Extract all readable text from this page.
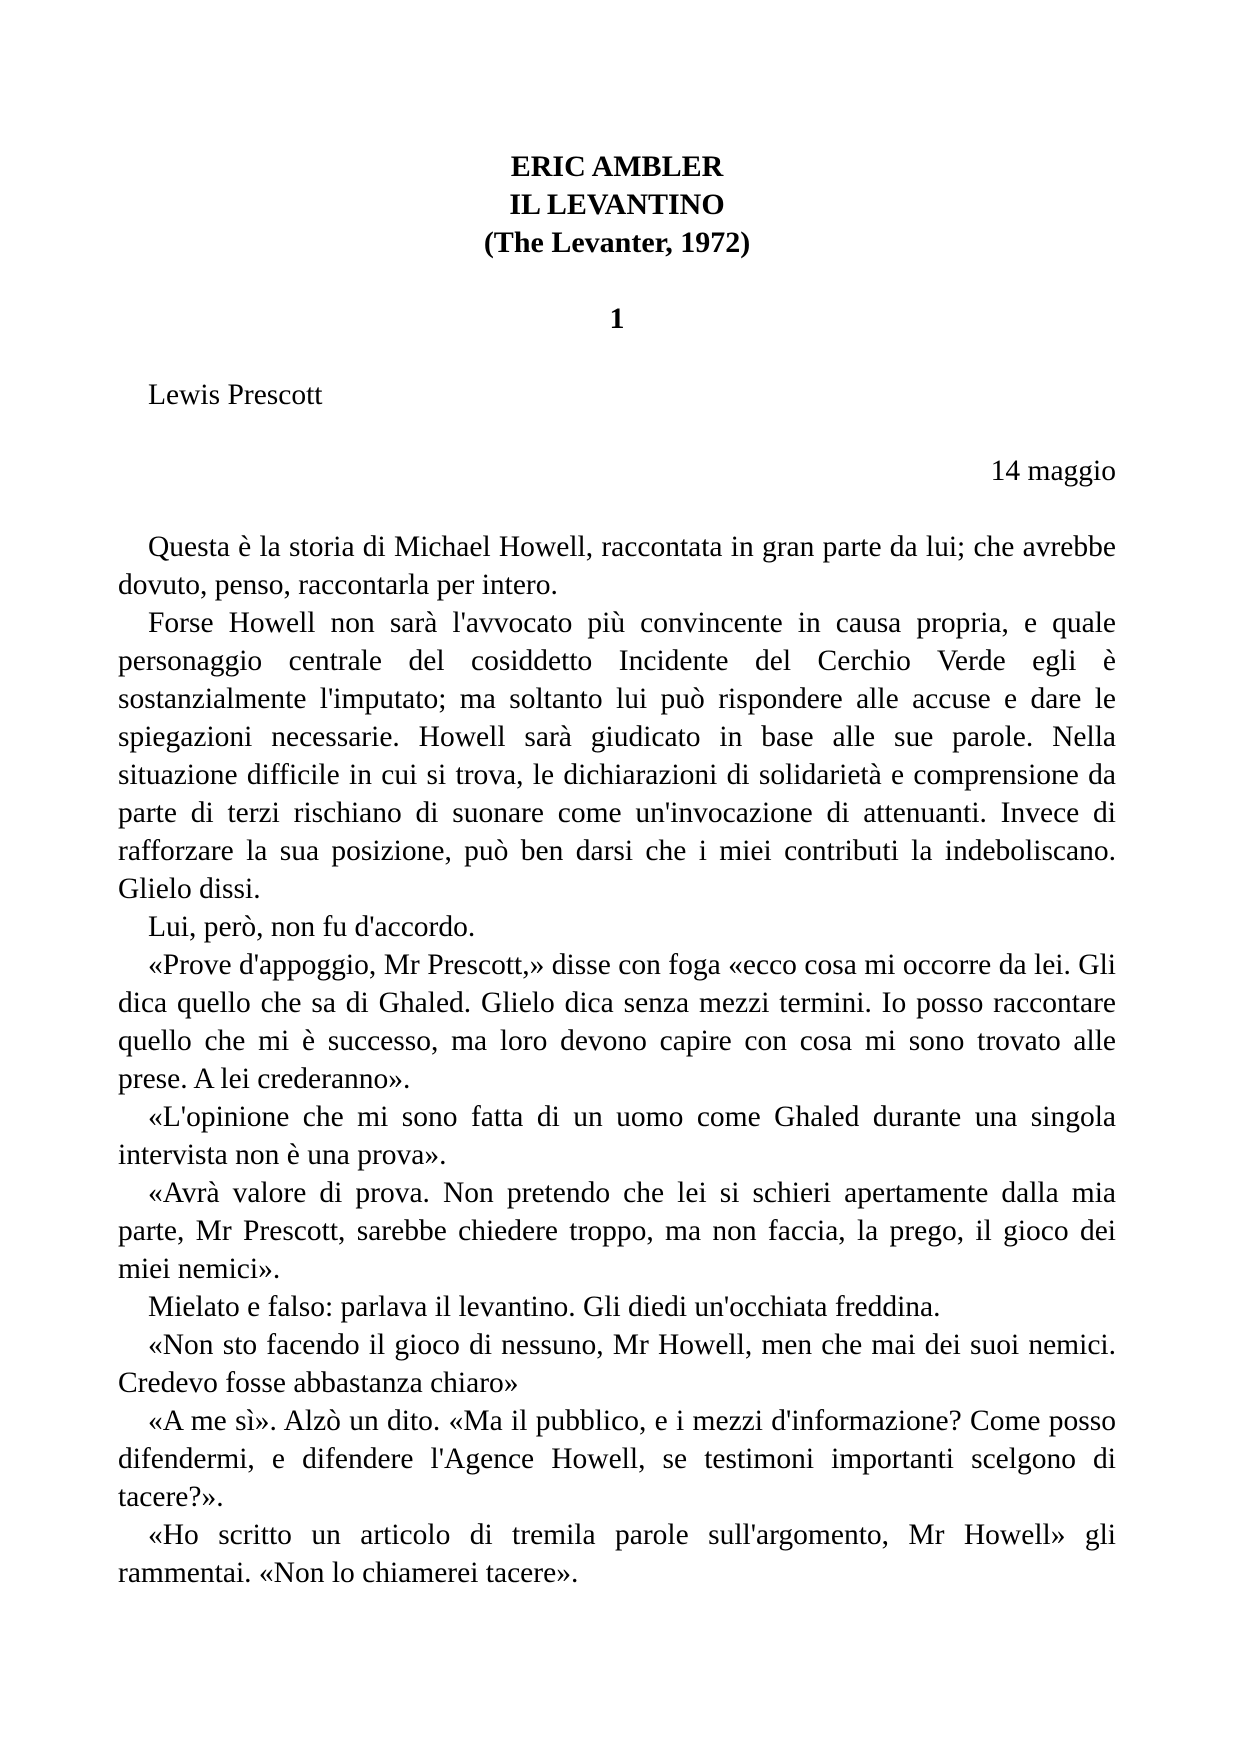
ERIC AMBLER
IL LEVANTINO
(The Levanter, 1972)
1
Lewis Prescott
14 maggio

Questa è la storia di Michael Howell, raccontata in gran parte da lui; che avrebbe dovuto, penso, raccontarla per intero.

Forse Howell non sarà l'avvocato più convincente in causa propria, e quale personaggio centrale del cosiddetto Incidente del Cerchio Verde egli è sostanzialmente l'imputato; ma soltanto lui può rispondere alle accuse e dare le spiegazioni necessarie. Howell sarà giudicato in base alle sue parole. Nella situazione difficile in cui si trova, le dichiarazioni di solidarietà e comprensione da parte di terzi rischiano di suonare come un'invocazione di attenuanti. Invece di rafforzare la sua posizione, può ben darsi che i miei contributi la indeboliscano. Glielo dissi.

Lui, però, non fu d'accordo.

«Prove d'appoggio, Mr Prescott,» disse con foga «ecco cosa mi occorre da lei. Gli dica quello che sa di Ghaled. Glielo dica senza mezzi termini. Io posso raccontare quello che mi è successo, ma loro devono capire con cosa mi sono trovato alle prese. A lei crederanno».

«L'opinione che mi sono fatta di un uomo come Ghaled durante una singola intervista non è una prova».

«Avrà valore di prova. Non pretendo che lei si schieri apertamente dalla mia parte, Mr Prescott, sarebbe chiedere troppo, ma non faccia, la prego, il gioco dei miei nemici».

Mielato e falso: parlava il levantino. Gli diedi un'occhiata freddina.

«Non sto facendo il gioco di nessuno, Mr Howell, men che mai dei suoi nemici. Credevo fosse abbastanza chiaro»

«A me sì». Alzò un dito. «Ma il pubblico, e i mezzi d'informazione? Come posso difendermi, e difendere l'Agence Howell, se testimoni importanti scelgono di tacere?».

«Ho scritto un articolo di tremila parole sull'argomento, Mr Howell» gli rammentai. «Non lo chiamerei tacere».
